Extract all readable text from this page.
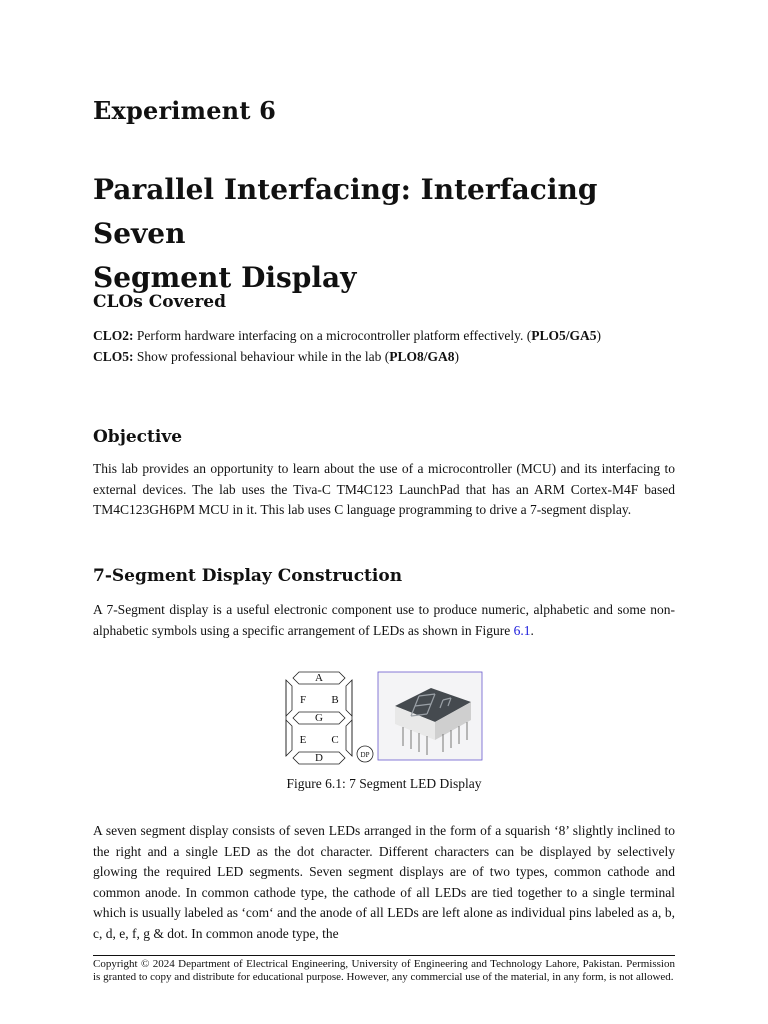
Experiment 6
Parallel Interfacing: Interfacing Seven
Segment Display
CLOs Covered
CLO2: Perform hardware interfacing on a microcontroller platform effectively. (PLO5/GA5)
CLO5: Show professional behaviour while in the lab (PLO8/GA8)
Objective

This lab provides an opportunity to learn about the use of a microcontroller (MCU) and its interfacing to external devices. The lab uses the Tiva-C TM4C123 LaunchPad that has an ARM Cortex-M4F based TM4C123GH6PM MCU in it. This lab uses C language programming to drive a 7-segment display.

7-Segment Display Construction

A 7-Segment display is a useful electronic component use to produce numeric, alphabetic and some non-alphabetic symbols using a specific arrangement of LEDs as shown in Figure 6.1.

A
B
C
D
E
F
G
DP
Figure 6.1: 7 Segment LED Display

A seven segment display consists of seven LEDs arranged in the form of a squarish ‘8’ slightly inclined to the right and a single LED as the dot character. Different characters can be displayed by selectively glowing the required LED segments. Seven segment displays are of two types, common cathode and common anode. In common cathode type, the cathode of all LEDs are tied together to a single terminal which is usually labeled as ‘com‘ and the anode of all LEDs are left alone as individual pins labeled as a, b, c, d, e, f, g & dot. In common anode type, the

Copyright © 2024 Department of Electrical Engineering, University of Engineering and Technology Lahore, Pakistan. Permission is granted to copy and distribute for educational purpose. However, any commercial use of the material, in any form, is not allowed.
